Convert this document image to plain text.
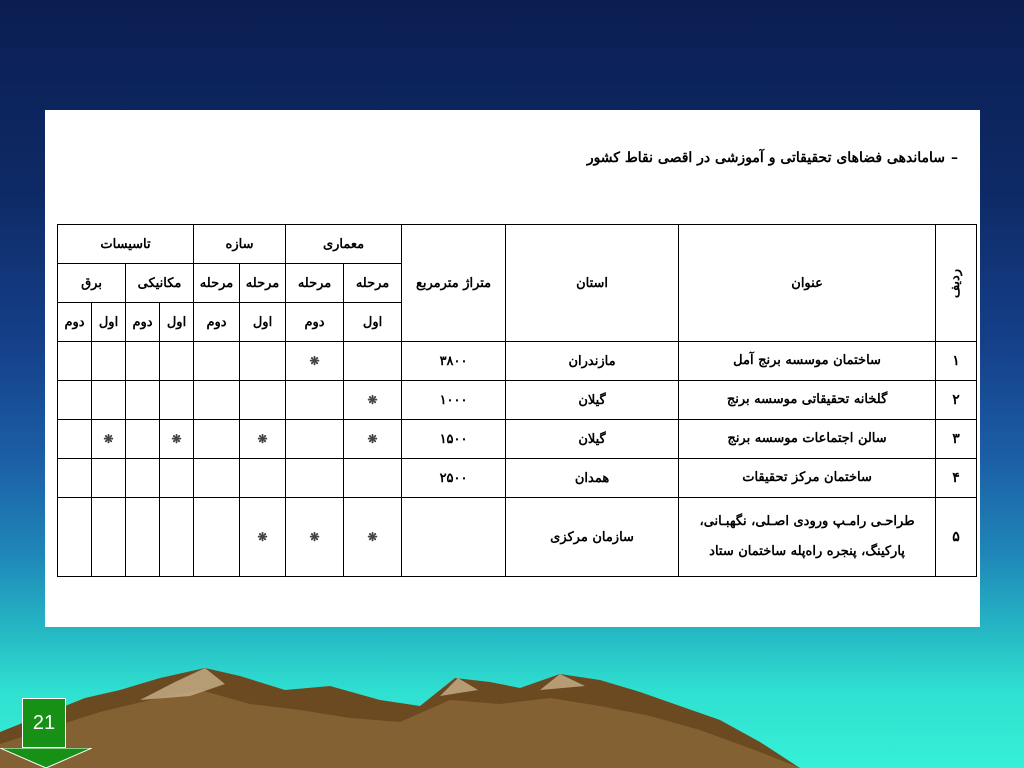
–ساماندهی فضاهای تحقیقاتی و آموزشی در اقصی نقاط کشور
ردیف	عنوان	استان	متراژ مترمربع	معماری		سازه		تاسیسات			
				مرحله	مرحله	مرحله	مرحله	مکانیکی		برق	
				اول	دوم	اول	دوم	اول	دوم	اول	دوم
۱	ساختمان موسسه برنج آمل	مازندران	۳۸۰۰		❋						
۲	گلخانه تحقیقاتی موسسه برنج	گیلان	۱۰۰۰	❋							
۳	سالن اجتماعات موسسه برنج	گیلان	۱۵۰۰	❋		❋		❋		❋	
۴	ساختمان مرکز تحقیقات	همدان	۲۵۰۰								
۵	طراحـی رامـپ ورودی اصـلی، نگهبـانی، پارکینگ، پنجره راه‌پله ساختمان ستاد	سازمان مرکزی		❋	❋	❋					
21
